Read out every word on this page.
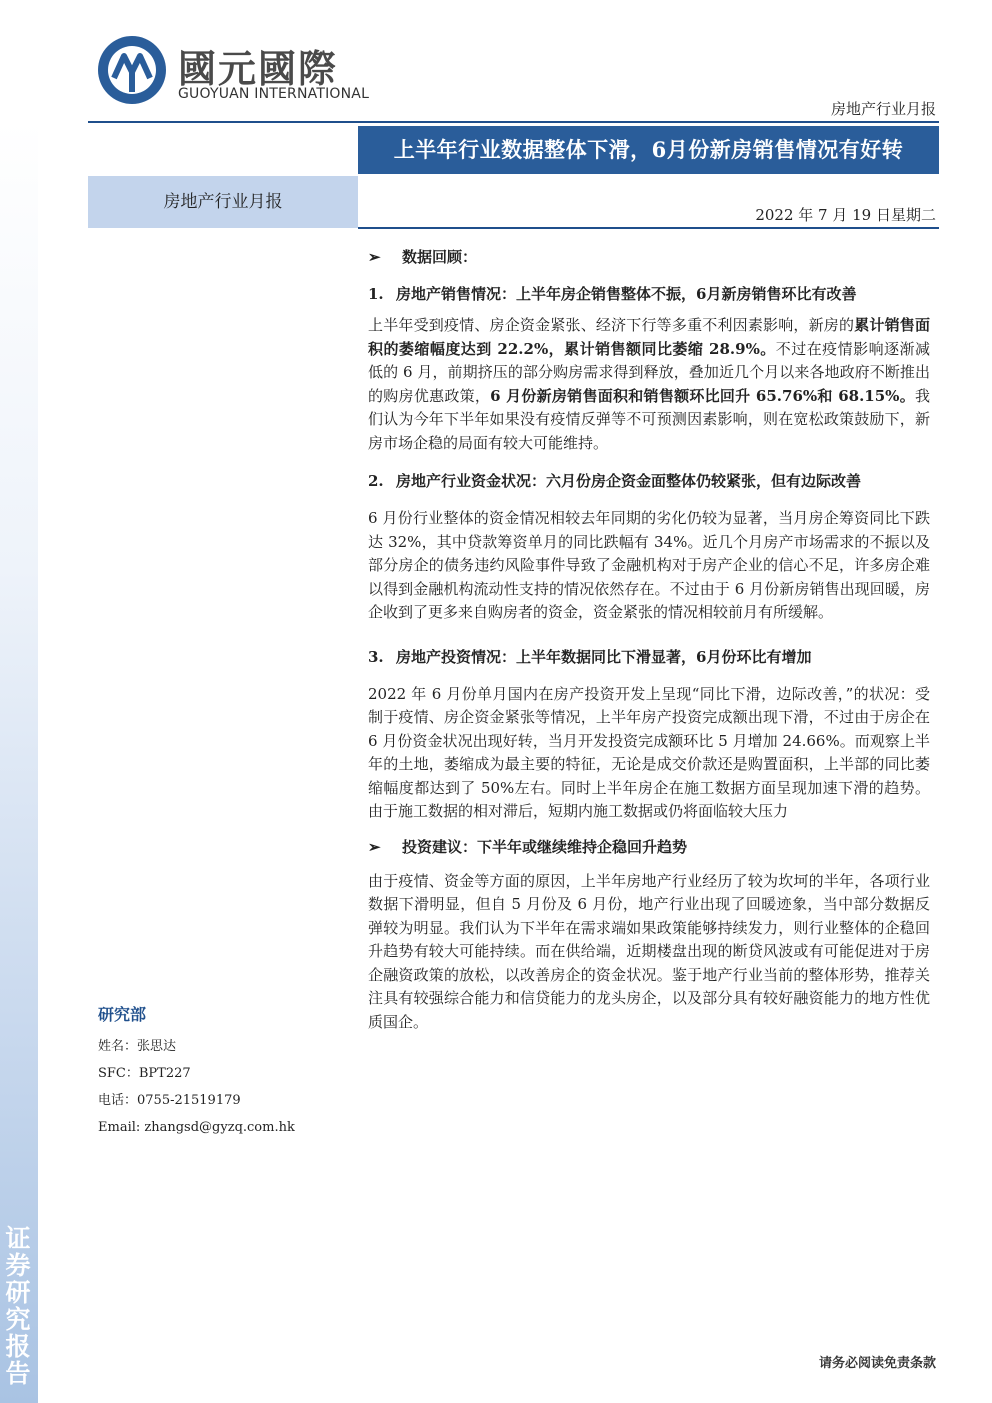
证券研究报告
國元國際
GUOYUAN INTERNATIONAL
房地产行业月报
上半年行业数据整体下滑，6月份新房销售情况有好转
房地产行业月报
2022 年 7 月 19 日星期二
➢ 数据回顾：
1. 房地产销售情况：上半年房企销售整体不振，6月新房销售环比有改善

上半年受到疫情、房企资金紧张、经济下行等多重不利因素影响，新房的累计销售面积的萎缩幅度达到 22.2%，累计销售额同比萎缩 28.9%。不过在疫情影响逐渐减低的 6 月，前期挤压的部分购房需求得到释放，叠加近几个月以来各地政府不断推出的购房优惠政策，6 月份新房销售面积和销售额环比回升 65.76%和 68.15%。我们认为今年下半年如果没有疫情反弹等不可预测因素影响，则在宽松政策鼓励下，新房市场企稳的局面有较大可能维持。

2. 房地产行业资金状况：六月份房企资金面整体仍较紧张，但有边际改善

6 月份行业整体的资金情况相较去年同期的劣化仍较为显著，当月房企筹资同比下跌达 32%，其中贷款筹资单月的同比跌幅有 34%。近几个月房产市场需求的不振以及部分房企的债务违约风险事件导致了金融机构对于房产企业的信心不足，许多房企难以得到金融机构流动性支持的情况依然存在。不过由于 6 月份新房销售出现回暖，房企收到了更多来自购房者的资金，资金紧张的情况相较前月有所缓解。

3. 房地产投资情况：上半年数据同比下滑显著，6月份环比有增加

2022 年 6 月份单月国内在房产投资开发上呈现“同比下滑，边际改善，”的状况：受制于疫情、房企资金紧张等情况，上半年房产投资完成额出现下滑，不过由于房企在 6 月份资金状况出现好转，当月开发投资完成额环比 5 月增加 24.66%。而观察上半年的土地，萎缩成为最主要的特征，无论是成交价款还是购置面积，上半部的同比萎缩幅度都达到了 50%左右。同时上半年房企在施工数据方面呈现加速下滑的趋势。由于施工数据的相对滞后，短期内施工数据或仍将面临较大压力

➢ 投资建议：下半年或继续维持企稳回升趋势

由于疫情、资金等方面的原因，上半年房地产行业经历了较为坎坷的半年，各项行业数据下滑明显，但自 5 月份及 6 月份，地产行业出现了回暖迹象，当中部分数据反弹较为明显。我们认为下半年在需求端如果政策能够持续发力，则行业整体的企稳回升趋势有较大可能持续。而在供给端，近期楼盘出现的断贷风波或有可能促进对于房企融资政策的放松，以改善房企的资金状况。鉴于地产行业当前的整体形势，推荐关注具有较强综合能力和信贷能力的龙头房企，以及部分具有较好融资能力的地方性优质国企。

研究部
姓名：张思达
SFC：BPT227
电话：0755-21519179
Email: zhangsd@gyzq.com.hk
请务必阅读免责条款
